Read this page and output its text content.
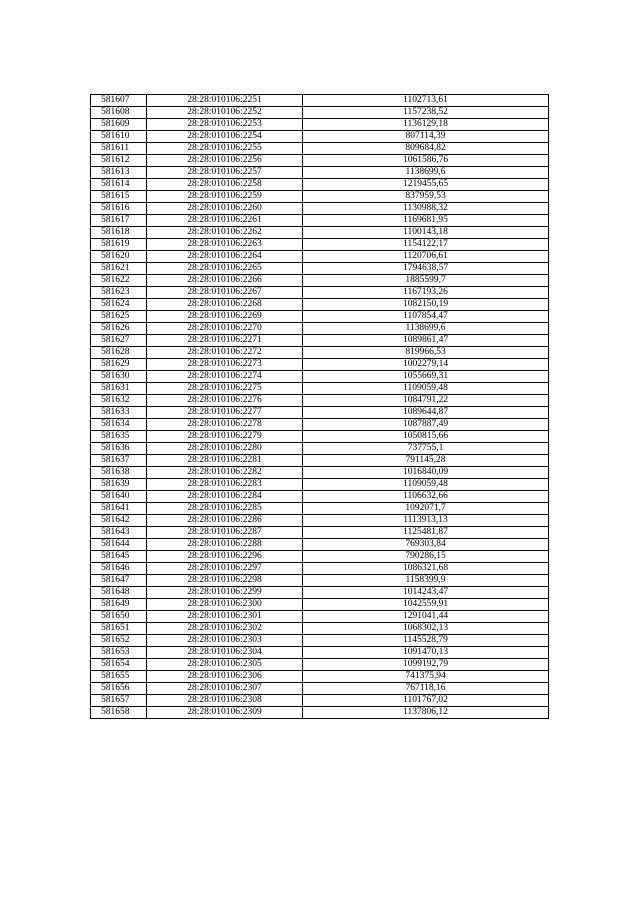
581607	28:28:010106:2251	1102713,61
581608	28:28:010106:2252	1157238,52
581609	28:28:010106:2253	1136129,18
581610	28:28:010106:2254	807114,39
581611	28:28:010106:2255	809684,82
581612	28:28:010106:2256	1061586,76
581613	28:28:010106:2257	1138699,6
581614	28:28:010106:2258	1219455,65
581615	28:28:010106:2259	837959,53
581616	28:28:010106:2260	1130988,32
581617	28:28:010106:2261	1169681,95
581618	28:28:010106:2262	1100143,18
581619	28:28:010106:2263	1154122,17
581620	28:28:010106:2264	1120706,61
581621	28:28:010106:2265	1794638,57
581622	28:28:010106:2266	1885599,7
581623	28:28:010106:2267	1167193,26
581624	28:28:010106:2268	1082150,19
581625	28:28:010106:2269	1107854,47
581626	28:28:010106:2270	1138699,6
581627	28:28:010106:2271	1089861,47
581628	28:28:010106:2272	819966,53
581629	28:28:010106:2273	1002279,14
581630	28:28:010106:2274	1055669,31
581631	28:28:010106:2275	1109059,48
581632	28:28:010106:2276	1084791,22
581633	28:28:010106:2277	1089644,87
581634	28:28:010106:2278	1087887,49
581635	28:28:010106:2279	1050815,66
581636	28:28:010106:2280	737755,1
581637	28:28:010106:2281	791145,28
581638	28:28:010106:2282	1016840,09
581639	28:28:010106:2283	1109059,48
581640	28:28:010106:2284	1106632,66
581641	28:28:010106:2285	1092071,7
581642	28:28:010106:2286	1113913,13
581643	28:28:010106:2287	1125481,87
581644	28:28:010106:2288	769303,84
581645	28:28:010106:2296	790286,15
581646	28:28:010106:2297	1086321,68
581647	28:28:010106:2298	1158399,9
581648	28:28:010106:2299	1014243,47
581649	28:28:010106:2300	1042559,91
581650	28:28:010106:2301	1291041,44
581651	28:28:010106:2302	1068302,13
581652	28:28:010106:2303	1145528,79
581653	28:28:010106:2304	1091470,13
581654	28:28:010106:2305	1099192,79
581655	28:28:010106:2306	741375,94
581656	28:28:010106:2307	767118,16
581657	28:28:010106:2308	1101767,02
581658	28:28:010106:2309	1137806,12
